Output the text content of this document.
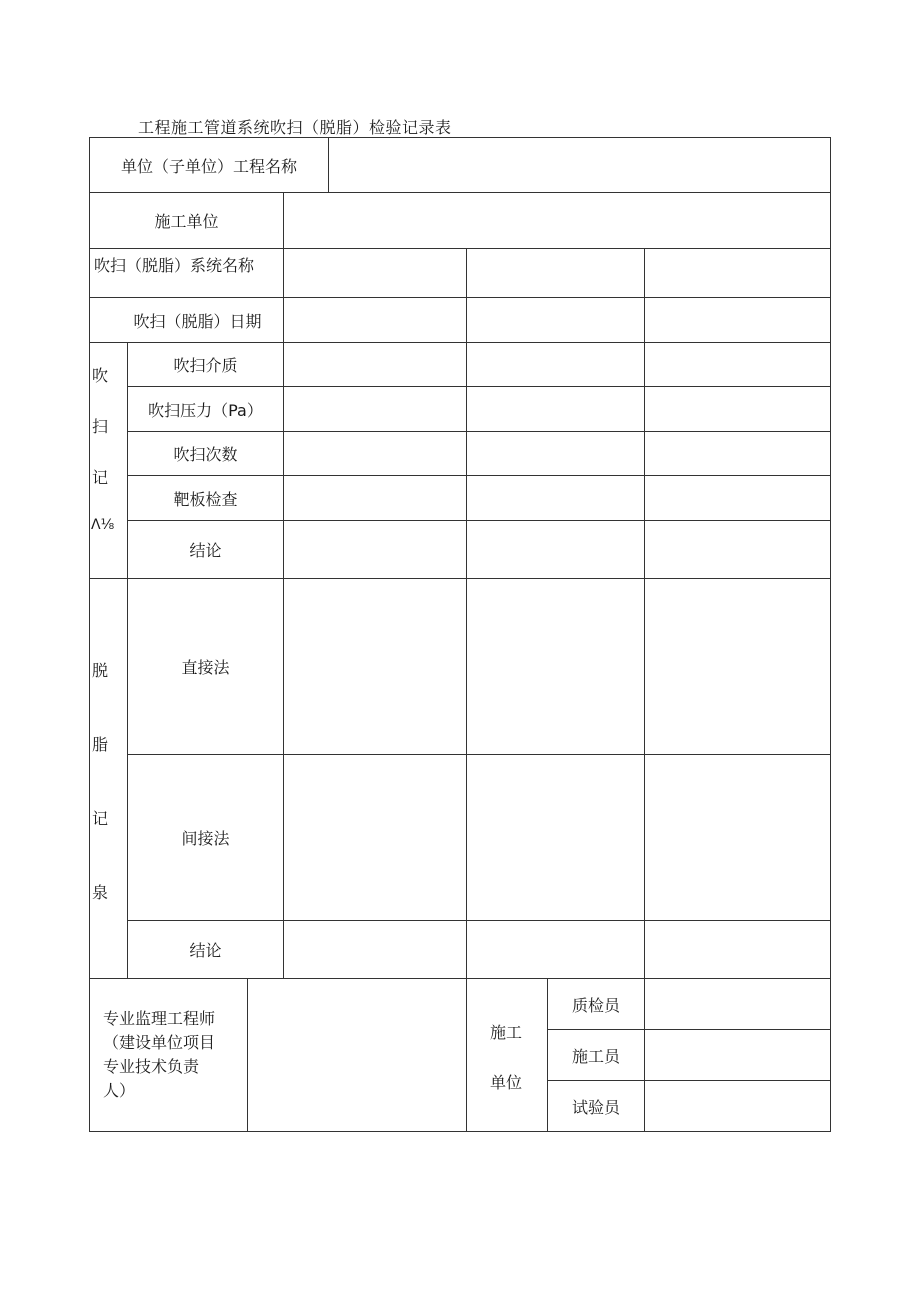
工程施工管道系统吹扫（脱脂）检验记录表
单位（子单位）工程名称
施工单位
吹扫（脱脂）系统名称
吹扫（脱脂）日期
吹
扫
记
Λ⅛
吹扫介质
吹扫压力（Pa）
吹扫次数
靶板检查
结论
脱
脂
记
泉
直接法
间接法
结论
专业监理工程师
（建设单位项目
专业技术负责
人）
施工
单位
质检员
施工员
试验员
